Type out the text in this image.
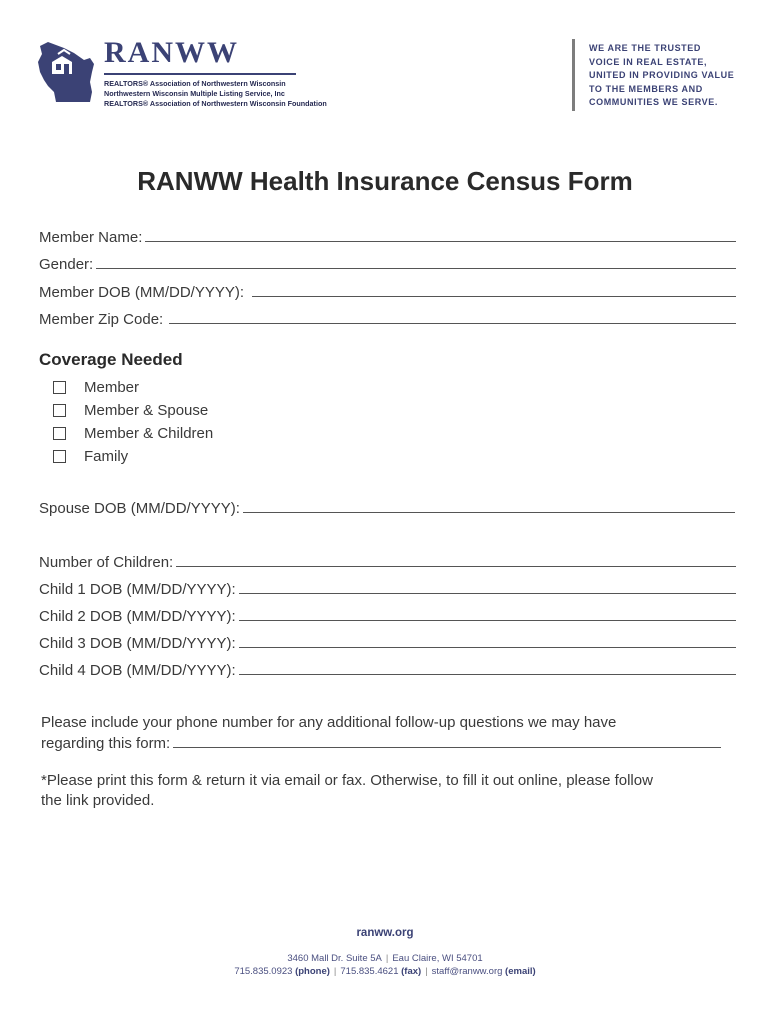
RANWW
REALTORS® Association of Northwestern Wisconsin
Northwestern Wisconsin Multiple Listing Service, Inc
REALTORS® Association of Northwestern Wisconsin Foundation
WE ARE THE TRUSTED
VOICE IN REAL ESTATE,
UNITED IN PROVIDING VALUE
TO THE MEMBERS AND
COMMUNITIES WE SERVE.
RANWW Health Insurance Census Form
Member Name:
Gender:
Member DOB (MM/DD/YYYY):
Member Zip Code:
Coverage Needed
Member
Member & Spouse
Member & Children
Family
Spouse DOB (MM/DD/YYYY):
Number of Children:
Child 1 DOB (MM/DD/YYYY):
Child 2 DOB (MM/DD/YYYY):
Child 3 DOB (MM/DD/YYYY):
Child 4 DOB (MM/DD/YYYY):

Please include your phone number for any additional follow-up questions we may have
regarding this form:

*Please print this form & return it via email or fax. Otherwise, to fill it out online, please follow
the link provided.

ranww.org
3460 Mall Dr. Suite 5A | Eau Claire, WI 54701
715.835.0923 (phone) | 715.835.4621 (fax) | staff@ranww.org (email)
